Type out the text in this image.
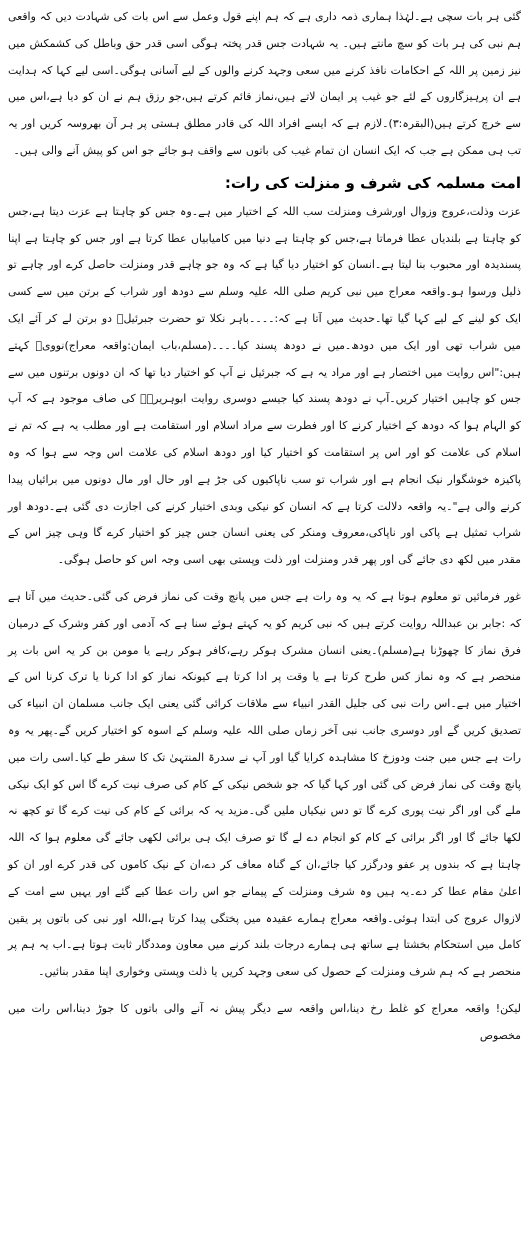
گئی ہر بات سچی ہے۔لہٰذا ہماری ذمہ داری ہے کہ ہم اپنے قول وعمل سے اس بات کی شہادت دیں کہ واقعی ہم نبی کی ہر بات کو سچ مانتے ہیں۔ یہ شہادت جس قدر پختہ ہوگی اسی قدر حق وباطل کی کشمکش میں نیز زمین پر اللہ کے احکامات نافذ کرنے میں سعی وجہد کرنے والوں کے لیے آسانی ہوگی۔اسی لیے کہا کہ ہدایت ہے ان پرہیزگاروں کے لئے جو غیب پر ایمان لاتے ہیں،نماز قائم کرتے ہیں،جو رزق ہم نے ان کو دیا ہے،اس میں سے خرچ کرتے ہیں(البقرہ:۳)۔لازم ہے کہ ایسے افراد اللہ کی قادر مطلق ہستی پر ہر آن بھروسہ کریں اور یہ تب ہی ممکن ہے جب کہ ایک انسان ان تمام غیب کی باتوں سے واقف ہو جائے جو اس کو پیش آنے والی ہیں۔

امت مسلمہ کی شرف و منزلت کی رات:

عزت وذلت،عروج وزوال اورشرف ومنزلت سب اللہ کے اختیار میں ہے۔وہ جس کو چاہتا ہے عزت دیتا ہے،جس کو چاہتا ہے بلندیاں عطا فرماتا ہے،جس کو چاہتا ہے دنیا میں کامیابیاں عطا کرتا ہے اور جس کو چاہتا ہے اپنا پسندیدہ اور محبوب بنا لیتا ہے۔انسان کو اختیار دیا گیا ہے کہ وہ جو چاہے قدر ومنزلت حاصل کرے اور چاہے تو ذلیل ورسوا ہو۔واقعہ معراج میں نبی کریم صلی اللہ علیہ وسلم سے دودھ اور شراب کے برتن میں سے کسی ایک کو لینے کے لیے کہا گیا تھا۔حدیث میں آتا ہے کہ:۔۔۔۔باہر نکلا تو حضرت جبرئیلؑ دو برتن لے کر آئے ایک میں شراب تھی اور ایک میں دودھ۔میں نے دودھ پسند کیا۔۔۔۔(مسلم،باب ایمان:واقعہ معراج)نوویؒ کہتے ہیں:"اس روایت میں اختصار ہے اور مراد یہ ہے کہ جبرئیل نے آپ کو اختیار دیا تھا کہ ان دونوں برتنوں میں سے جس کو چاہیں اختیار کریں۔آپ نے دودھ پسند کیا جیسے دوسری روایت ابوہریرہؓ کی صاف موجود ہے کہ آپ کو الہام ہوا کہ دودھ کے اختیار کرنے کا اور فطرت سے مراد اسلام اور استقامت ہے اور مطلب یہ ہے کہ تم نے اسلام کی علامت کو اور اس پر استقامت کو اختیار کیا اور دودھ اسلام کی علامت اس وجہ سے ہوا کہ وہ پاکیزہ خوشگوار نیک انجام ہے اور شراب تو سب ناپاکیوں کی جڑ ہے اور حال اور مال دونوں میں برائیاں پیدا کرنے والی ہے"۔یہ واقعہ دلالت کرتا ہے کہ انسان کو نیکی وبدی اختیار کرنے کی اجازت دی گئی ہے۔دودھ اور شراب تمثیل ہے پاکی اور ناپاکی،معروف ومنکر کی یعنی انسان جس چیز کو اختیار کرے گا وہی چیز اس کے مقدر میں لکھ دی جائے گی اور پھر قدر ومنزلت اور ذلت وپستی بھی اسی وجہ اس کو حاصل ہوگی۔

غور فرمائیں تو معلوم ہوتا ہے کہ یہ وہ رات ہے جس میں پانچ وقت کی نماز فرض کی گئی۔حدیث میں آتا ہے کہ :جابر بن عبداللہ روایت کرتے ہیں کہ نبی کریم کو یہ کہتے ہوئے سنا ہے کہ آدمی اور کفر وشرک کے درمیان فرق نماز کا چھوڑنا ہے(مسلم)۔یعنی انسان مشرک ہوکر رہے،کافر ہوکر رہے یا مومن بن کر یہ اس بات پر منحصر ہے کہ وہ نماز کس طرح کرتا ہے یا وقت پر ادا کرتا ہے کیونکہ نماز کو ادا کرنا یا ترک کرنا اس کے اختیار میں ہے۔اس رات نبی کی جلیل القدر انبیاء سے ملاقات کرائی گئی یعنی ایک جانب مسلمان ان انبیاء کی تصدیق کریں گے اور دوسری جانب نبی آخر زماں صلی اللہ علیہ وسلم کے اسوہ کو اختیار کریں گے۔پھر یہ وہ رات ہے جس میں جنت ودوزخ کا مشاہدہ کرایا گیا اور آپ نے سدرۃ المنتہیٰ تک کا سفر طے کیا۔اسی رات میں پانچ وقت کی نماز فرض کی گئی اور کہا گیا کہ جو شخص نیکی کے کام کی صرف نیت کرے گا اس کو ایک نیکی ملے گی اور اگر نیت پوری کرے گا تو دس نیکیاں ملیں گی۔مزید یہ کہ برائی کے کام کی نیت کرے گا تو کچھ نہ لکھا جائے گا اور اگر برائی کے کام کو انجام دے لے گا تو صرف ایک ہی برائی لکھی جائے گی معلوم ہوا کہ اللہ چاہتا ہے کہ بندوں پر عفو ودرگزر کیا جائے،ان کے گناہ معاف کر دے،ان کے نیک کاموں کی قدر کرے اور ان کو اعلیٰ مقام عطا کر دے۔یہ ہیں وہ شرف ومنزلت کے پیمانے جو اس رات عطا کیے گئے اور یہیں سے امت کے لازوال عروج کی ابتدا ہوئی۔واقعہ معراج ہمارے عقیدہ میں پختگی پیدا کرتا ہے،اللہ اور نبی کی باتوں پر یقین کامل میں استحکام بخشتا ہے ساتھ ہی ہمارے درجات بلند کرنے میں معاون ومددگار ثابت ہوتا ہے۔اب یہ ہم پر منحصر ہے کہ ہم شرف ومنزلت کے حصول کی سعی وجہد کریں یا ذلت وپستی وخواری اپنا مقدر بنائیں۔

لیکن! واقعہ معراج کو غلط رخ دینا،اس واقعہ سے دیگر پیش نہ آنے والی باتوں کا جوڑ دینا،اس رات میں مخصوص
